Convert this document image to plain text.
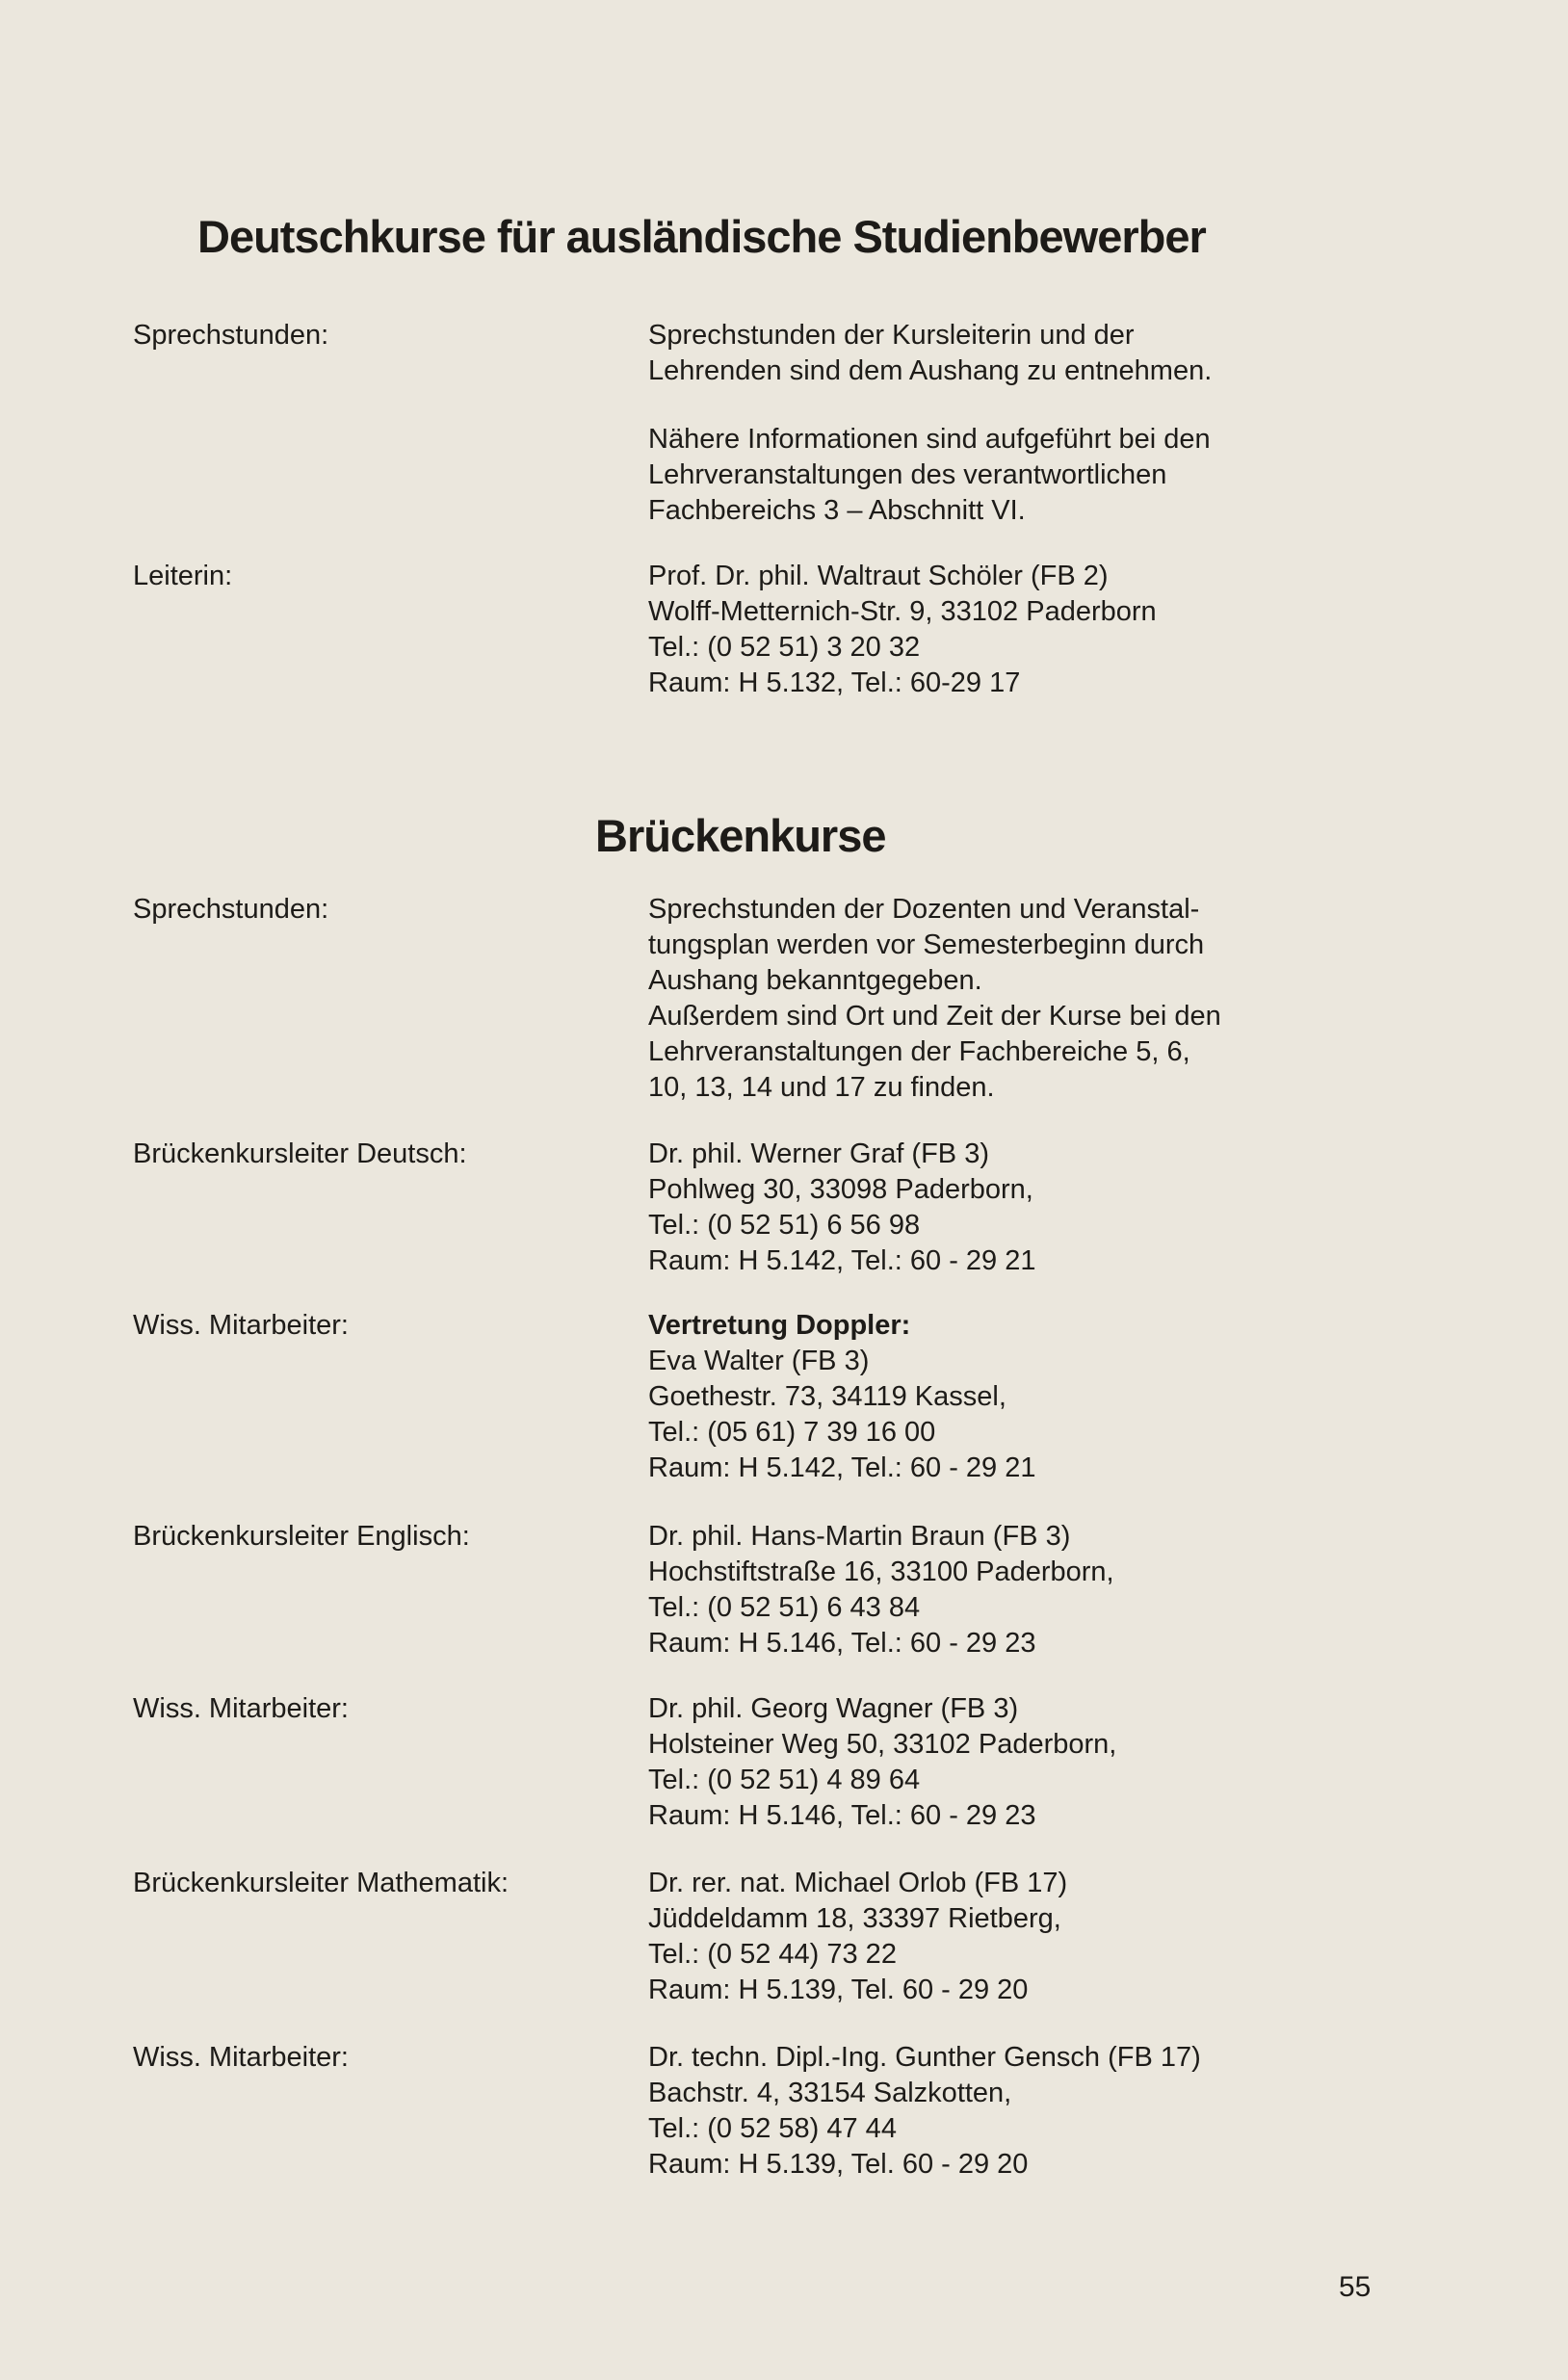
Deutschkurse für ausländische Studienbewerber
Sprechstunden:	Sprechstunden der Kursleiterin und der
Lehrenden sind dem Aushang zu entnehmen.

Nähere Informationen sind aufgeführt bei den
Lehrveranstaltungen des verantwortlichen
Fachbereichs 3 – Abschnitt VI.

Leiterin:	Prof. Dr. phil. Waltraut Schöler (FB 2)
Wolff-Metternich-Str. 9, 33102 Paderborn
Tel.: (0 52 51) 3 20 32
Raum: H 5.132, Tel.: 60-29 17
Brückenkurse
Sprechstunden:	Sprechstunden der Dozenten und Veranstal-
tungsplan werden vor Semesterbeginn durch
Aushang bekanntgegeben.
Außerdem sind Ort und Zeit der Kurse bei den
Lehrveranstaltungen der Fachbereiche 5, 6,
10, 13, 14 und 17 zu finden.
Brückenkursleiter Deutsch:	Dr. phil. Werner Graf (FB 3)
Pohlweg 30, 33098 Paderborn,
Tel.: (0 52 51) 6 56 98
Raum: H 5.142, Tel.: 60 - 29 21
Wiss. Mitarbeiter:	Vertretung Doppler:
Eva Walter (FB 3)
Goethestr. 73, 34119 Kassel,
Tel.: (05 61) 7 39 16 00
Raum: H 5.142, Tel.: 60 - 29 21
Brückenkursleiter Englisch:	Dr. phil. Hans-Martin Braun (FB 3)
Hochstiftstraße 16, 33100 Paderborn,
Tel.: (0 52 51) 6 43 84
Raum: H 5.146, Tel.: 60 - 29 23
Wiss. Mitarbeiter:	Dr. phil. Georg Wagner (FB 3)
Holsteiner Weg 50, 33102 Paderborn,
Tel.: (0 52 51) 4 89 64
Raum: H 5.146, Tel.: 60 - 29 23
Brückenkursleiter Mathematik:	Dr. rer. nat. Michael Orlob (FB 17)
Jüddeldamm 18, 33397 Rietberg,
Tel.: (0 52 44) 73 22
Raum: H 5.139, Tel. 60 - 29 20
Wiss. Mitarbeiter:	Dr. techn. Dipl.-Ing. Gunther Gensch (FB 17)
Bachstr. 4, 33154 Salzkotten,
Tel.: (0 52 58) 47 44
Raum: H 5.139, Tel. 60 - 29 20
55
